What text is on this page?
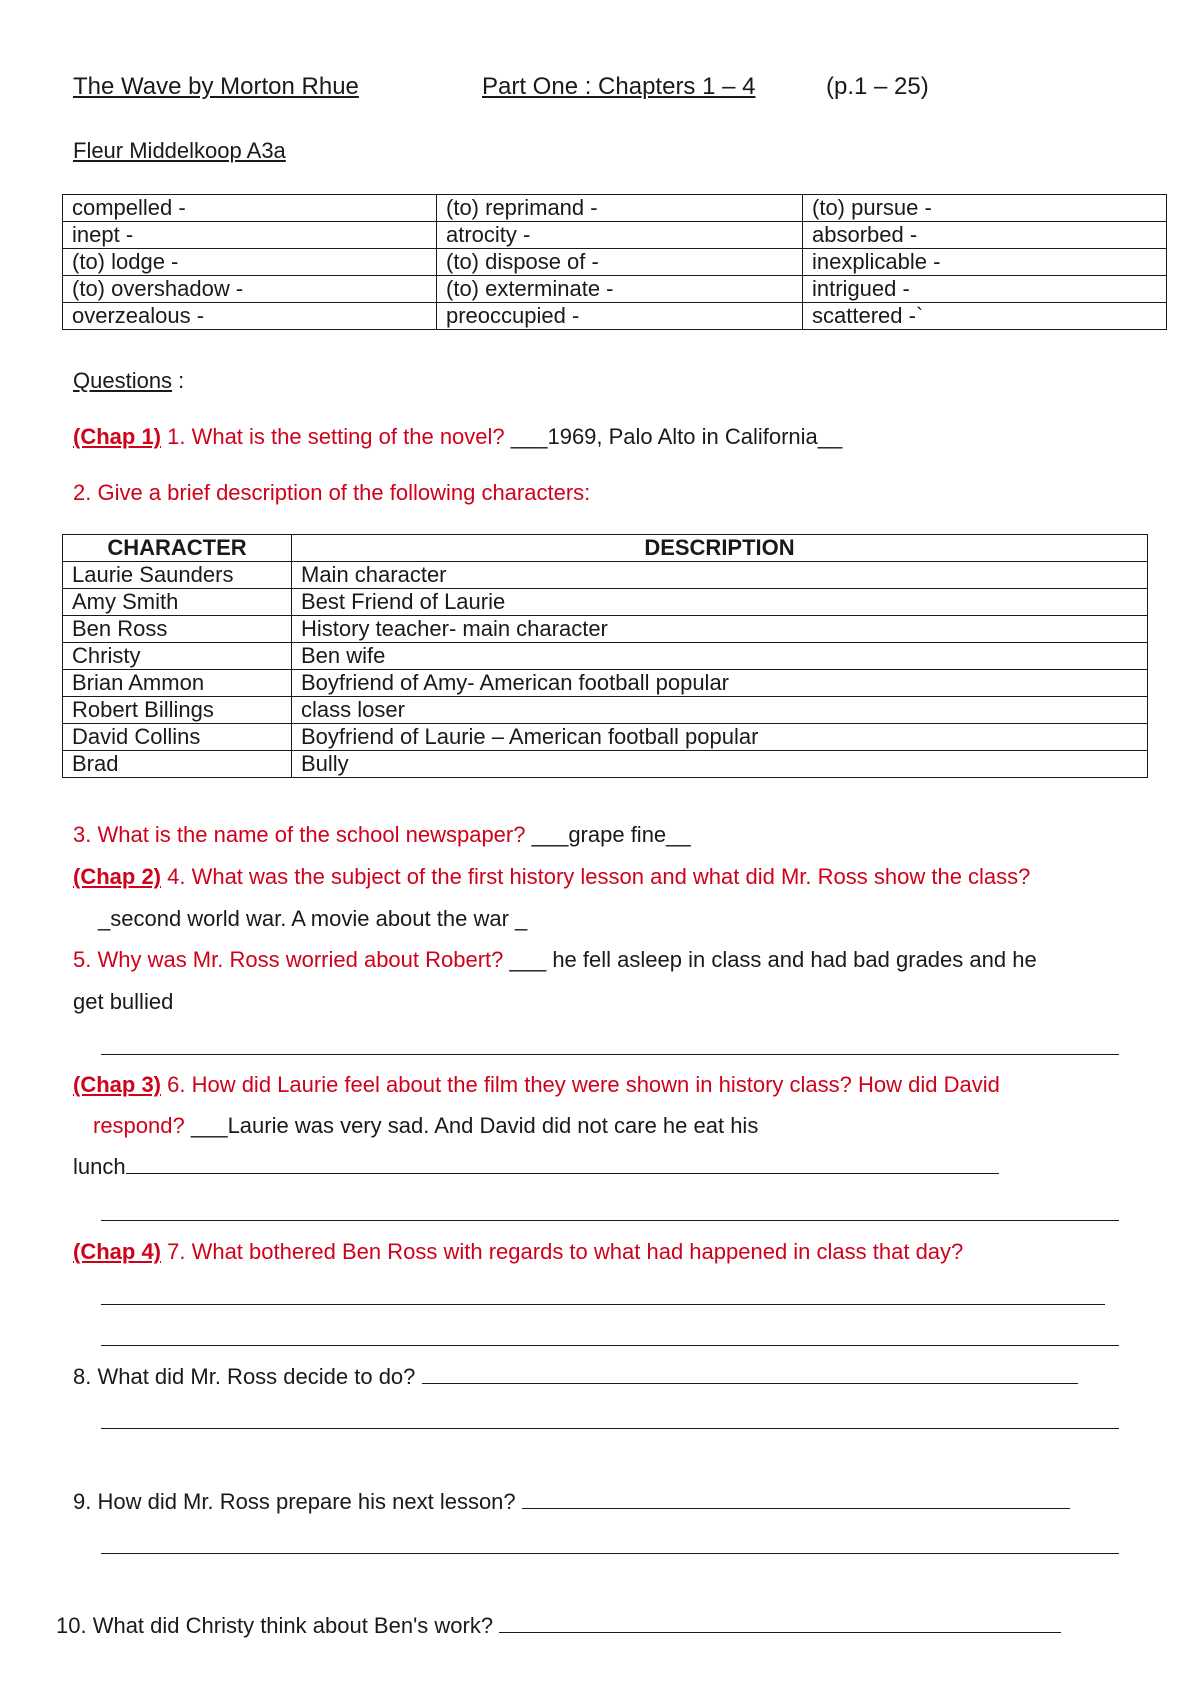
The Wave by Morton Rhue	Part One : Chapters 1 – 4	(p.1 – 25)
Fleur Middelkoop A3a
compelled -	(to) reprimand -	(to) pursue -
inept -	atrocity -	absorbed -
(to) lodge -	(to) dispose of -	inexplicable -
(to) overshadow -	(to) exterminate -	intrigued -
overzealous -	preoccupied -	scattered -`
Questions :
(Chap 1) 1. What is the setting of the novel? ___1969, Palo Alto in California__
2. Give a brief description of the following characters:
CHARACTER	DESCRIPTION
Laurie Saunders	Main character
Amy Smith	Best Friend of Laurie
Ben Ross	History teacher- main character
Christy	Ben wife
Brian Ammon	Boyfriend of Amy- American football popular
Robert Billings	class loser
David Collins	Boyfriend of Laurie – American football popular
Brad	Bully
3. What is the name of the school newspaper? ___grape fine__
(Chap 2) 4. What was the subject of the first history lesson and what did Mr. Ross show the class?
_second world war. A movie about the war _
5. Why was Mr. Ross worried about Robert? ___ he fell asleep in class and had bad grades and he
get bullied
(Chap 3) 6. How did Laurie feel about the film they were shown in history class? How did David
respond? ___Laurie was very sad. And David did not care he eat his
lunch
(Chap 4) 7. What bothered Ben Ross with regards to what had happened in class that day?
8. What did Mr. Ross decide to do?
9. How did Mr. Ross prepare his next lesson?
10. What did Christy think about Ben's work?
